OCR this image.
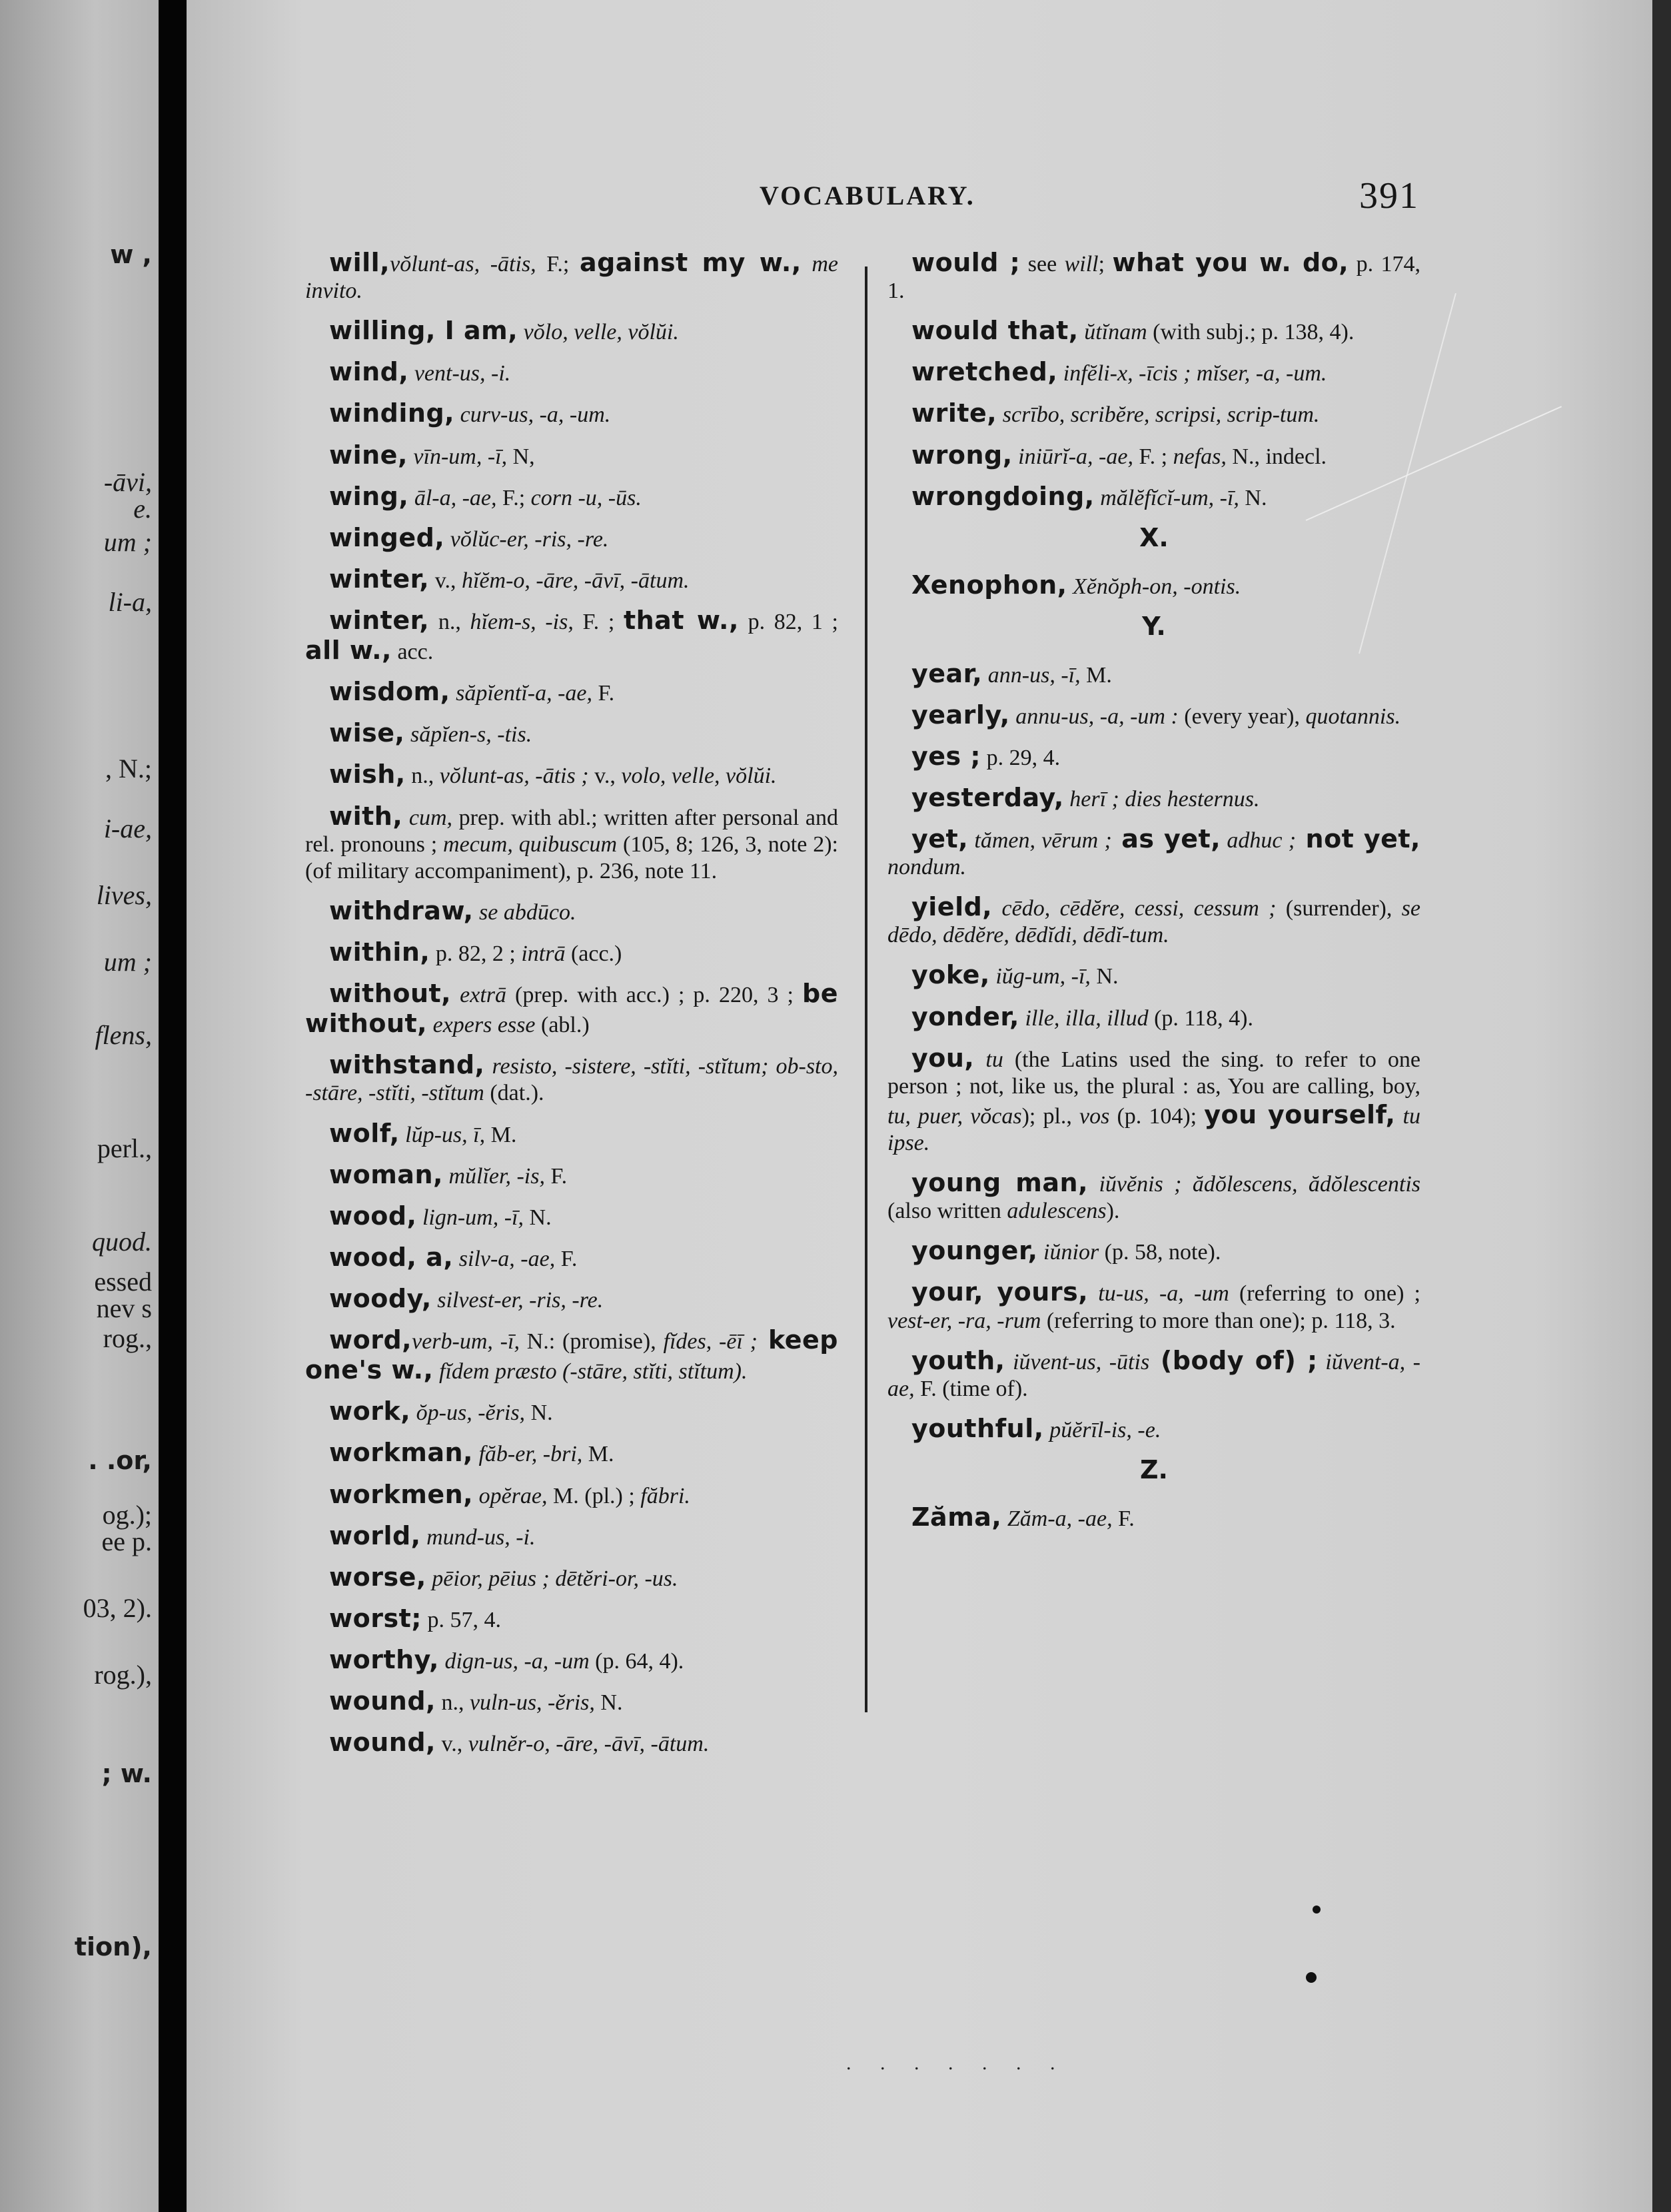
w ,
-āvi,
e.
um ;
li-a,
, N.;
i-ae,
lives,
um ;
flens,
perl.,
quod.
essed
nev s
rog.,
. .or,
og.);
ee p.
03, 2).
rog.),
; w.
tion),
VOCABULARY.	391
will,vŏlunt-as, -ātis, F.; against my w., me invito.
willing, I am, vŏlo, velle, vŏlŭi.
wind, vent-us, -i.
winding, curv-us, -a, -um.
wine, vīn-um, -ī, N,
wing, āl-a, -ae, F.; corn -u, -ūs.
winged, vŏlŭc-er, -ris, -re.
winter, v., hĭĕm-o, -āre, -āvī, -ātum.
winter, n., hĭem-s, -is, F. ; that w., p. 82, 1 ; all w., acc.
wisdom, săpĭentĭ-a, -ae, F.
wise, săpĭen-s, -tis.
wish, n., vŏlunt-as, -ātis ; v., volo, velle, vŏlŭi.
with, cum, prep. with abl.; written after personal and rel. pronouns ; mecum, quibuscum (105, 8; 126, 3, note 2): (of military accompaniment), p. 236, note 11.
withdraw, se abdūco.
within, p. 82, 2 ; intrā (acc.)
without, extrā (prep. with acc.) ; p. 220, 3 ; be without, expers esse (abl.)
withstand, resisto, -sistere, -stĭti, -stĭtum; ob-sto, -stāre, -stĭti, -stĭtum (dat.).
wolf, lŭp-us, ī, M.
woman, mŭlĭer, -is, F.
wood, lign-um, -ī, N.
wood, a, silv-a, -ae, F.
woody, silvest-er, -ris, -re.
word,verb-um, -ī, N.: (promise), fĭdes, -ēī ; keep one's w., fĭdem præsto (-stāre, stĭti, stĭtum).
work, ŏp-us, -ĕris, N.
workman, făb-er, -bri, M.
workmen, opĕrae, M. (pl.) ; făbri.
world, mund-us, -i.
worse, pēior, pēius ; dētĕri-or, -us.
worst; p. 57, 4.
worthy, dign-us, -a, -um (p. 64, 4).
wound, n., vuln-us, -ĕris, N.
wound, v., vulnĕr-o, -āre, -āvī, -ātum.
would ; see will; what you w. do, p. 174, 1.
would that, ŭtĭnam (with subj.; p. 138, 4).
wretched, infĕli-x, -īcis ; mĭser, -a, -um.
write, scrībo, scribĕre, scripsi, scrip-tum.
wrong, iniūrĭ-a, -ae, F. ; nefas, N., indecl.
wrongdoing, mălĕfĭcĭ-um, -ī, N.
X.
Xenophon, Xĕnŏph-on, -ontis.
Y.
year, ann-us, -ī, M.
yearly, annu-us, -a, -um : (every year), quotannis.
yes ; p. 29, 4.
yesterday, herī ; dies hesternus.
yet, tămen, vērum ; as yet, adhuc ; not yet, nondum.
yield, cēdo, cēdĕre, cessi, cessum ; (surrender), se dēdo, dēdĕre, dēdĭdi, dēdĭ-tum.
yoke, iŭg-um, -ī, N.
yonder, ille, illa, illud (p. 118, 4).
you, tu (the Latins used the sing. to refer to one person ; not, like us, the plural : as, You are calling, boy, tu, puer, vŏcas); pl., vos (p. 104); you yourself, tu ipse.
young man, iŭvĕnis ; ădŏlescens, ădŏlescentis (also written adulescens).
younger, iŭnior (p. 58, note).
your, yours, tu-us, -a, -um (referring to one) ; vest-er, -ra, -rum (referring to more than one); p. 118, 3.
youth, iŭvent-us, -ūtis (body of) ; iŭvent-a, -ae, F. (time of).
youthful, pŭĕrīl-is, -e.
Z.
Zăma, Zăm-a, -ae, F.
. . . . . . .
